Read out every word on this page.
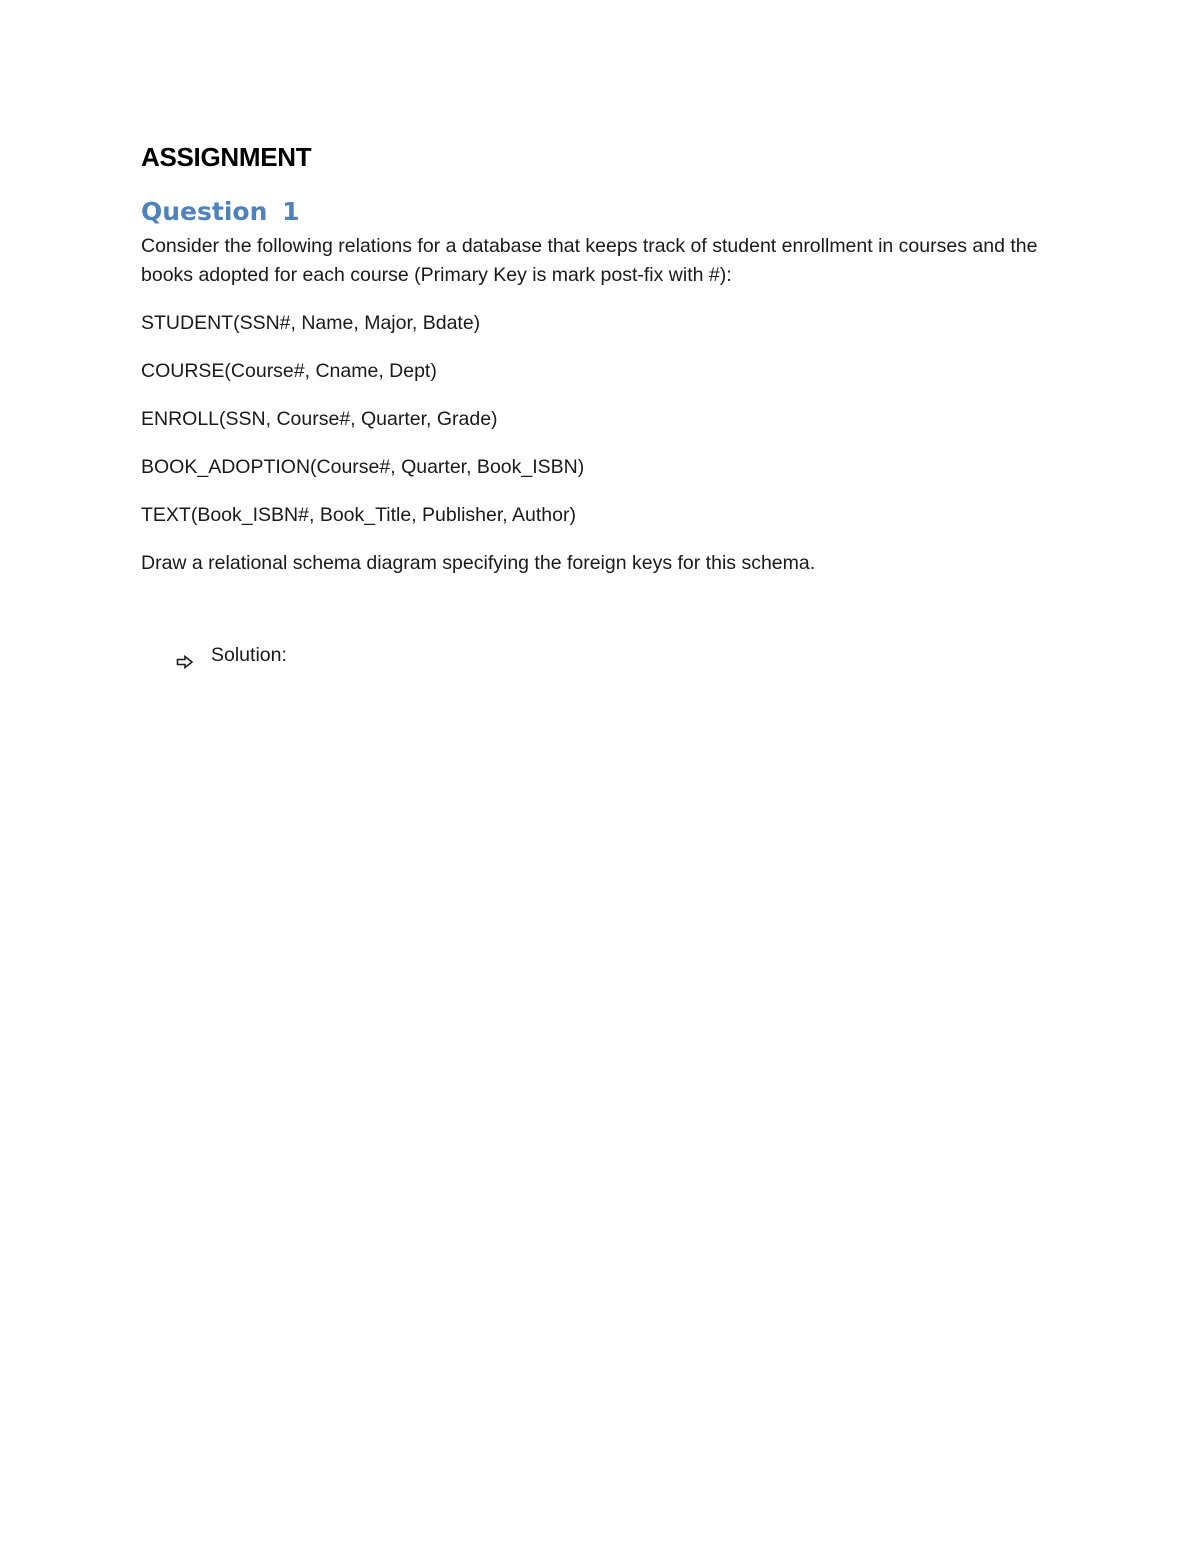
ASSIGNMENT
Question 1

Consider the following relations for a database that keeps track of student enrollment in courses and the books adopted for each course (Primary Key is mark post-fix with #):

STUDENT(SSN#, Name, Major, Bdate)

COURSE(Course#, Cname, Dept)

ENROLL(SSN, Course#, Quarter, Grade)

BOOK_ADOPTION(Course#, Quarter, Book_ISBN)

TEXT(Book_ISBN#, Book_Title, Publisher, Author)

Draw a relational schema diagram specifying the foreign keys for this schema.

Solution:
